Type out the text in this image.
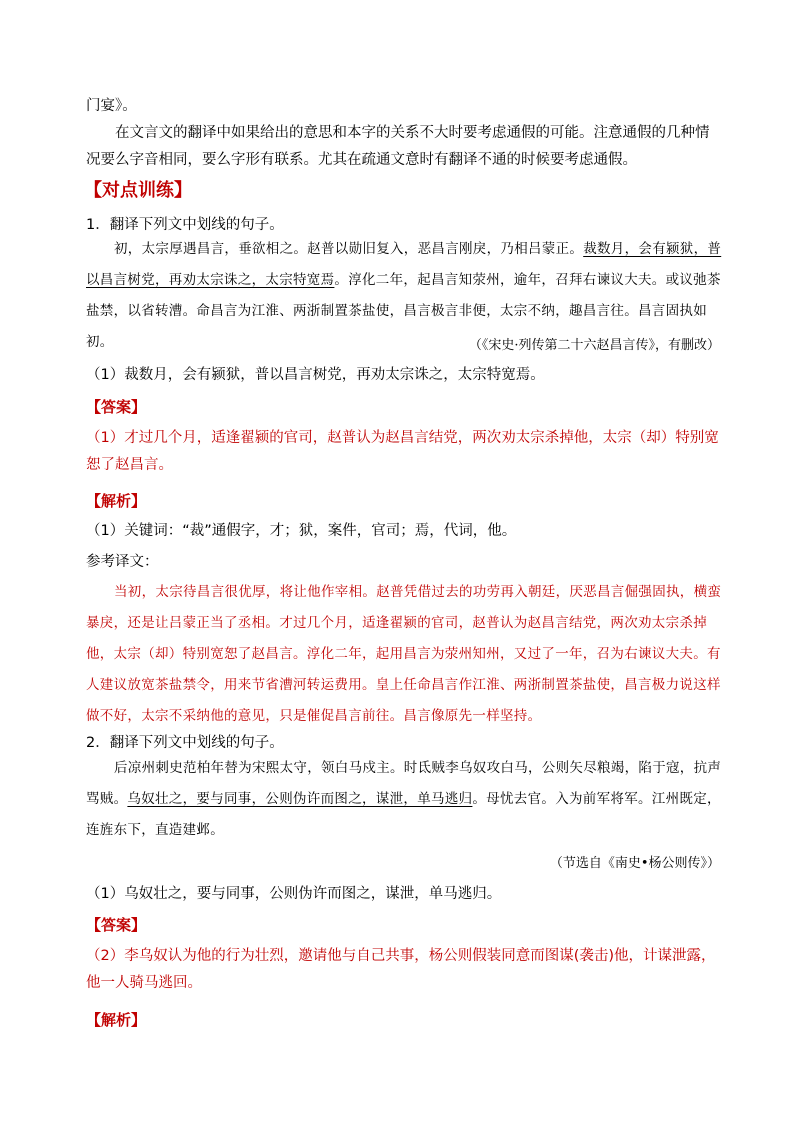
门宴》。

在文言文的翻译中如果给出的意思和本字的关系不大时要考虑通假的可能。注意通假的几种情况要么字音相同，要么字形有联系。尤其在疏通文意时有翻译不通的时候要考虑通假。

【对点训练】

1．翻译下列文中划线的句子。

初，太宗厚遇昌言，垂欲相之。赵普以勋旧复入，恶昌言刚戾，乃相吕蒙正。裁数月，会有颍狱，普以昌言树党，再劝太宗诛之，太宗特宽焉。淳化二年，起昌言知荥州，逾年，召拜右谏议大夫。或议弛茶盐禁，以省转漕。命昌言为江淮、两浙制置茶盐使，昌言极言非便，太宗不纳，趣昌言往。昌言固执如初。	（《宋史·列传第二十六赵昌言传》，有删改）

（1）裁数月，会有颍狱，普以昌言树党，再劝太宗诛之，太宗特宽焉。

【答案】

（1）才过几个月，适逢翟颍的官司，赵普认为赵昌言结党，两次劝太宗杀掉他，太宗（却）特别宽恕了赵昌言。

【解析】

（1）关键词：“裁”通假字，才；狱，案件，官司；焉，代词，他。

参考译文：

当初，太宗待昌言很优厚，将让他作宰相。赵普凭借过去的功劳再入朝廷，厌恶昌言倔强固执，横蛮暴戾，还是让吕蒙正当了丞相。才过几个月，适逢翟颍的官司，赵普认为赵昌言结党，两次劝太宗杀掉他，太宗（却）特别宽恕了赵昌言。淳化二年，起用昌言为荥州知州，又过了一年，召为右谏议大夫。有人建议放宽茶盐禁令，用来节省漕河转运费用。皇上任命昌言作江淮、两浙制置茶盐使，昌言极力说这样做不好，太宗不采纳他的意见，只是催促昌言前往。昌言像原先一样坚持。

2．翻译下列文中划线的句子。

后凉州刺史范柏年替为宋熙太守，领白马戍主。时氐贼李乌奴攻白马，公则矢尽粮竭，陷于寇，抗声骂贼。乌奴壮之，要与同事，公则伪许而图之，谋泄，单马逃归。母忧去官。入为前军将军。江州既定，连旌东下，直造建邺。

（节选自《南史•杨公则传》）

（1）乌奴壮之，要与同事，公则伪许而图之，谋泄，单马逃归。

【答案】

（2）李乌奴认为他的行为壮烈，邀请他与自己共事，杨公则假装同意而图谋(袭击)他，计谋泄露，他一人骑马逃回。

【解析】
